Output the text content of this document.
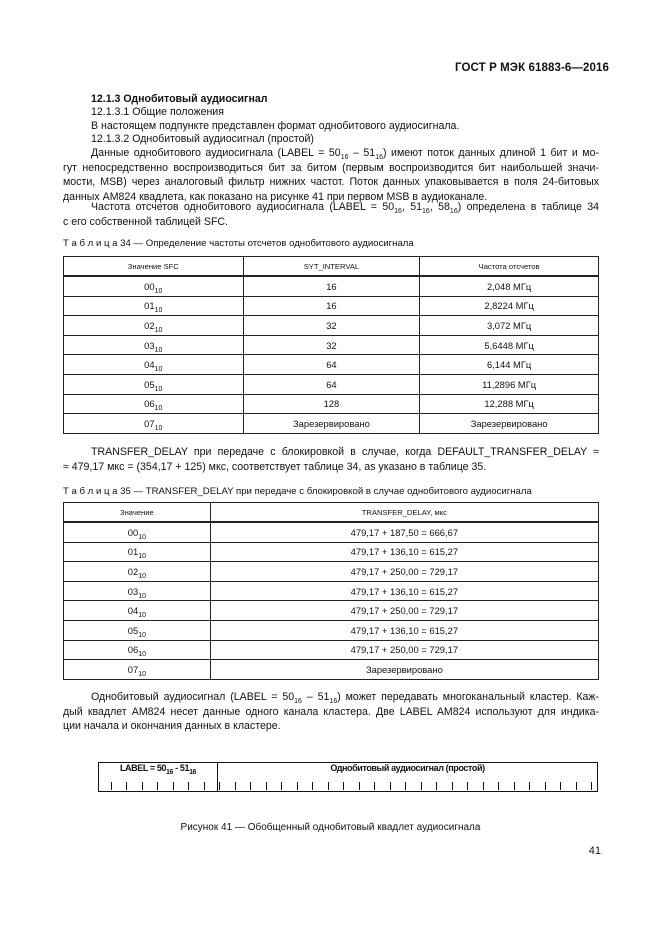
ГОСТ Р МЭК 61883-6—2016
12.1.3 Однобитовый аудиосигнал
12.1.3.1 Общие положения
В настоящем подпункте представлен формат однобитового аудиосигнала.
12.1.3.2 Однобитовый аудиосигнал (простой)
Данные однобитового аудиосигнала (LABEL = $50_{16} - 51_{16}$) имеют поток данных длиной 1 бит и мо-
гут непосредственно воспроизводиться бит за битом (первым воспроизводится бит наибольшей значи-
мости, MSB) через аналоговый фильтр нижних частот. Поток данных упаковывается в поля 24-битовых
данных AM824 квадлета, как показано на рисунке 41 при первом MSB в аудиоканале.
Частота отсчетов однобитового аудиосигнала (LABEL = $50_{16}$, $51_{16}$, $58_{16}$) определена в таблице 34
с его собственной таблицей SFC.
Т а б л и ц а 34 — Определение частоты отсчетов однобитового аудиосигнала
Значение SFC	SYT_INTERVAL	Частота отсчетов
$00_{10}$	16	2,048 МГц
$01_{10}$	16	2,8224 МГц
$02_{10}$	32	3,072 МГц
$03_{10}$	32	5,6448 МГц
$04_{10}$	64	6,144 МГц
$05_{10}$	64	11,2896 МГц
$06_{10}$	128	12,288 МГц
$07_{10}$	Зарезервировано	Зарезервировано
TRANSFER_DELAY при передаче с блокировкой в случае, когда DEFAULT_TRANSFER_DELAY ≈
≈ 479,17 мкс = (354,17 + 125) мкс, соответствует таблице 34, as указано в таблице 35.
Т а б л и ц а 35 — TRANSFER_DELAY при передаче с блокировкой в случае однобитового аудиосигнала
Значение	TRANSFER_DELAY, мкс
$00_{10}$	479,17 + 187,50 = 666,67
$01_{10}$	479,17 + 136,10 = 615,27
$02_{10}$	479,17 + 250,00 = 729,17
$03_{10}$	479,17 + 136,10 = 615,27
$04_{10}$	479,17 + 250,00 = 729,17
$05_{10}$	479,17 + 136,10 = 615,27
$06_{10}$	479,17 + 250,00 = 729,17
$07_{10}$	Зарезервировано
Однобитовый аудиосигнал (LABEL = $50_{16} - 51_{16}$) может передавать многоканальный кластер. Каж-
дый квадлет AM824 несет данные одного канала кластера. Две LABEL AM824 используют для индика-
ции начала и окончания данных в кластере.
LABEL = $50_{16} - 51_{16}$	Однобитовый аудиосигнал (простой)
Рисунок 41 — Обобщенный однобитовый квадлет аудиосигнала
41
